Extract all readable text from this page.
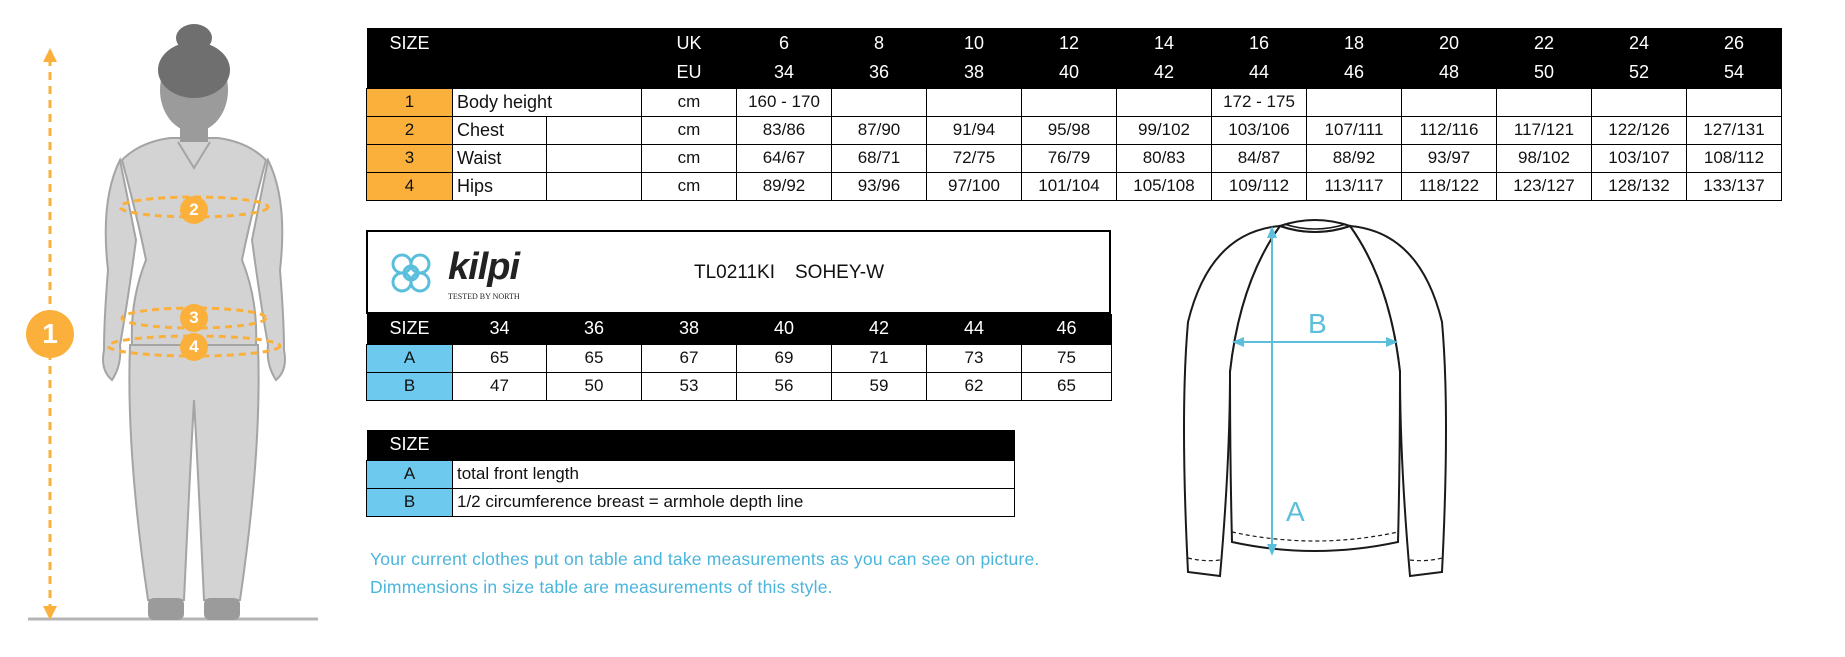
1
2
3
4
SIZE			UK	6	8	10	12	14	16	18	20	22	24	26
			EU	34	36	38	40	42	44	46	48	50	52	54
1	Body height		cm	160 - 170					172 - 175					
2	Chest		cm	83/86	87/90	91/94	95/98	99/102	103/106	107/111	112/116	117/121	122/126	127/131
3	Waist		cm	64/67	68/71	72/75	76/79	80/83	84/87	88/92	93/97	98/102	103/107	108/112
4	Hips		cm	89/92	93/96	97/100	101/104	105/108	109/112	113/117	118/122	123/127	128/132	133/137
kilpi
TESTED BY NORTH
TL0211KI SOHEY-W
SIZE	34	36	38	40	42	44	46
A	65	65	67	69	71	73	75
B	47	50	53	56	59	62	65
SIZE	
A	total front length
B	1/2 circumference breast = armhole depth line
Your current clothes put on table and take measurements as you can see on picture.
Dimmensions in size table are measurements of this style.
A
B
